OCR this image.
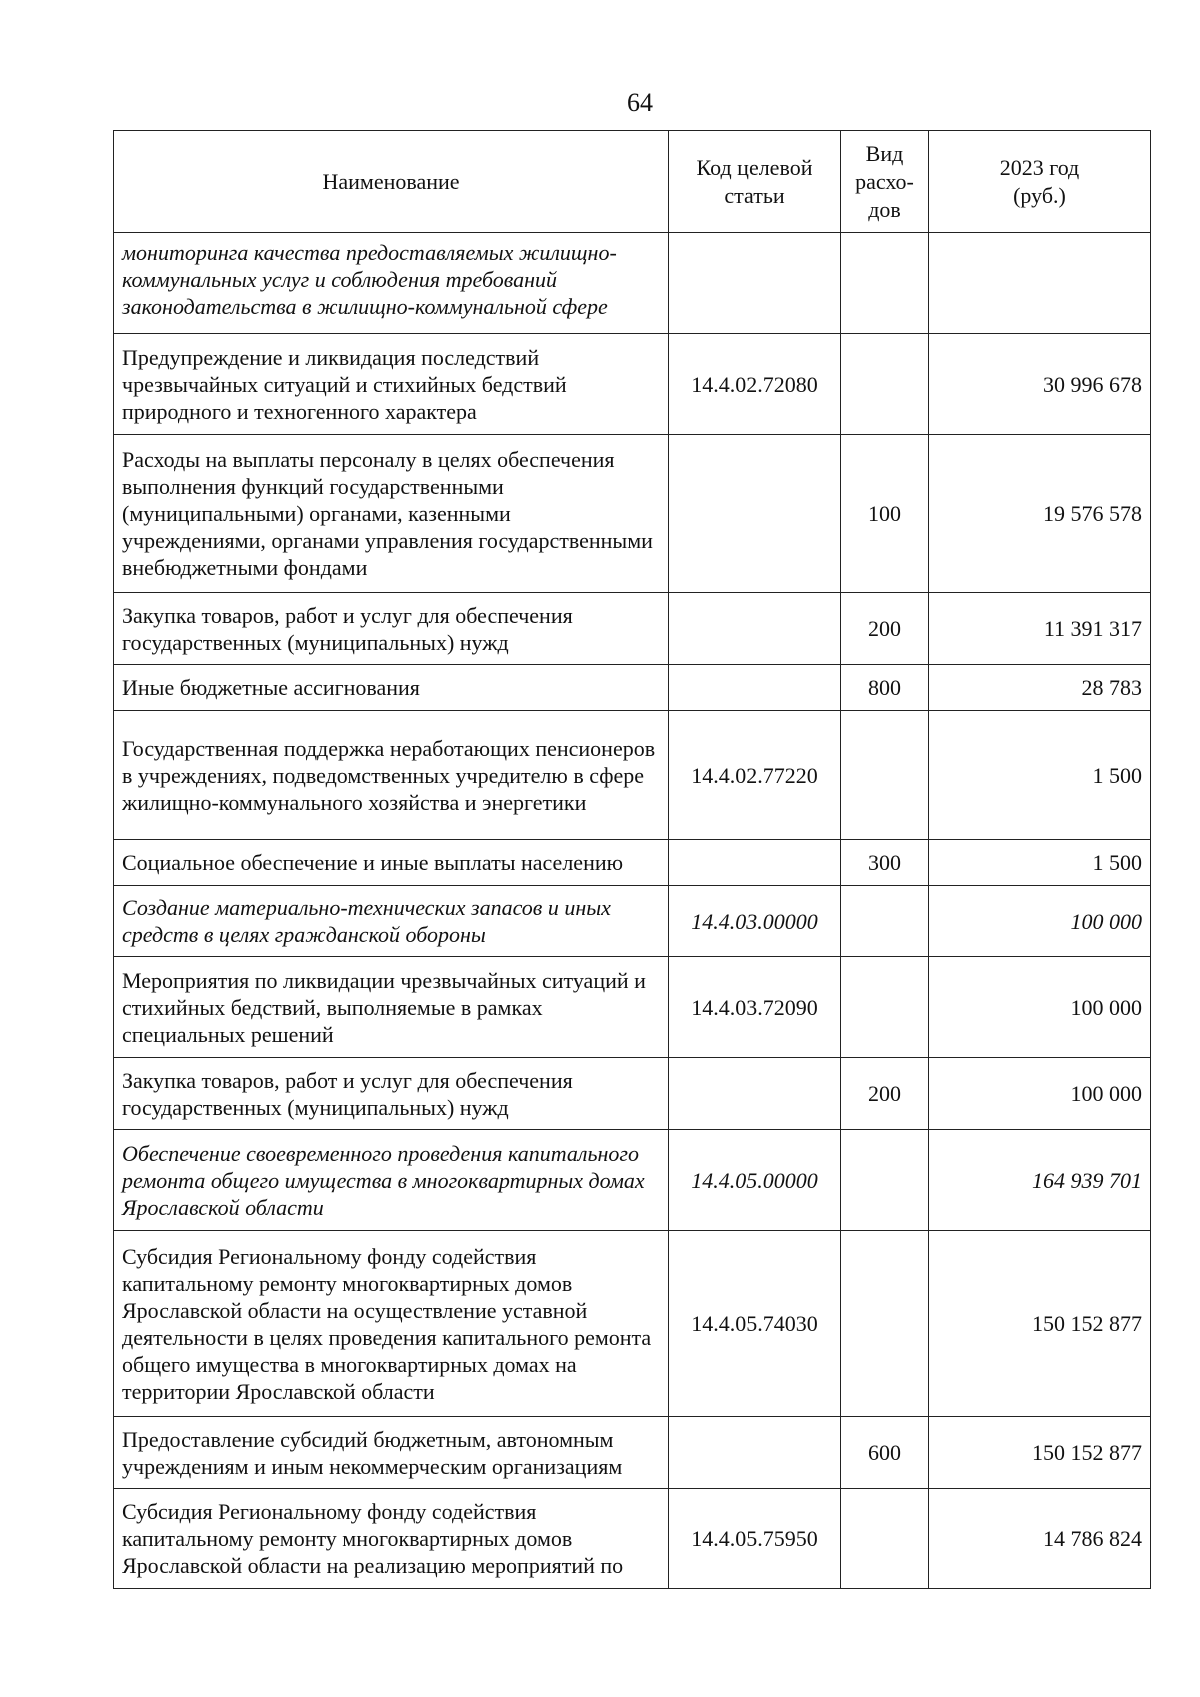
64
Наименование	Код целевой статьи	Вид расхо-дов	2023 год (руб.)
мониторинга качества предоставляемых жилищно-коммунальных услуг и соблюдения требований законодательства в жилищно-коммунальной сфере			
Предупреждение и ликвидация последствий чрезвычайных ситуаций и стихийных бедствий природного и техногенного характера	14.4.02.72080		30 996 678
Расходы на выплаты персоналу в целях обеспечения выполнения функций государственными (муниципальными) органами, казенными учреждениями, органами управления государственными внебюджетными фондами		100	19 576 578
Закупка товаров, работ и услуг для обеспечения государственных (муниципальных) нужд		200	11 391 317
Иные бюджетные ассигнования		800	28 783
Государственная поддержка неработающих пенсионеров в учреждениях, подведомственных учредителю в сфере жилищно-коммунального хозяйства и энергетики	14.4.02.77220		1 500
Социальное обеспечение и иные выплаты населению		300	1 500
Создание материально-технических запасов и иных средств в целях гражданской обороны	14.4.03.00000		100 000
Мероприятия по ликвидации чрезвычайных ситуаций и стихийных бедствий, выполняемые в рамках специальных решений	14.4.03.72090		100 000
Закупка товаров, работ и услуг для обеспечения государственных (муниципальных) нужд		200	100 000
Обеспечение своевременного проведения капитального ремонта общего имущества в многоквартирных домах Ярославской области	14.4.05.00000		164 939 701
Субсидия Региональному фонду содействия капитальному ремонту многоквартирных домов Ярославской области на осуществление уставной деятельности в целях проведения капитального ремонта общего имущества в многоквартирных домах на территории Ярославской области	14.4.05.74030		150 152 877
Предоставление субсидий бюджетным, автономным учреждениям и иным некоммерческим организациям		600	150 152 877
Субсидия Региональному фонду содействия капитальному ремонту многоквартирных домов Ярославской области на реализацию мероприятий по	14.4.05.75950		14 786 824
